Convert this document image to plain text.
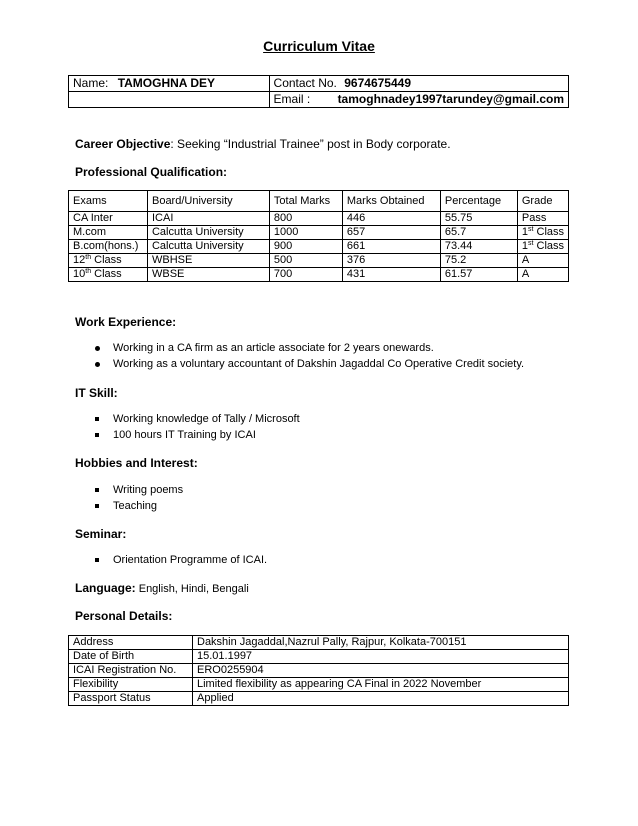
Curriculum Vitae
Name: TAMOGHNA DEY	Contact No. 9674675449
	Email : tamoghnadey1997tarundey@gmail.com
Career Objective: Seeking “Industrial Trainee” post in Body corporate.
Professional Qualification:
Exams	Board/University	Total Marks	Marks Obtained	Percentage	Grade
CA Inter	ICAI	800	446	55.75	Pass
M.com	Calcutta University	1000	657	65.7	1st Class
B.com(hons.)	Calcutta University	900	661	73.44	1st Class
12th Class	WBHSE	500	376	75.2	A
10th Class	WBSE	700	431	61.57	A
Work Experience:
Working in a CA firm as an article associate for 2 years onewards.
Working as a voluntary accountant of Dakshin Jagaddal Co Operative Credit society.
IT Skill:
Working knowledge of Tally / Microsoft
100 hours IT Training by ICAI
Hobbies and Interest:
Writing poems
Teaching
Seminar:
Orientation Programme of ICAI.
Language: English, Hindi, Bengali
Personal Details:
Address	Dakshin Jagaddal,Nazrul Pally, Rajpur, Kolkata-700151
Date of Birth	15.01.1997
ICAI Registration No.	ERO0255904
Flexibility	Limited flexibility as appearing CA Final in 2022 November
Passport Status	Applied
